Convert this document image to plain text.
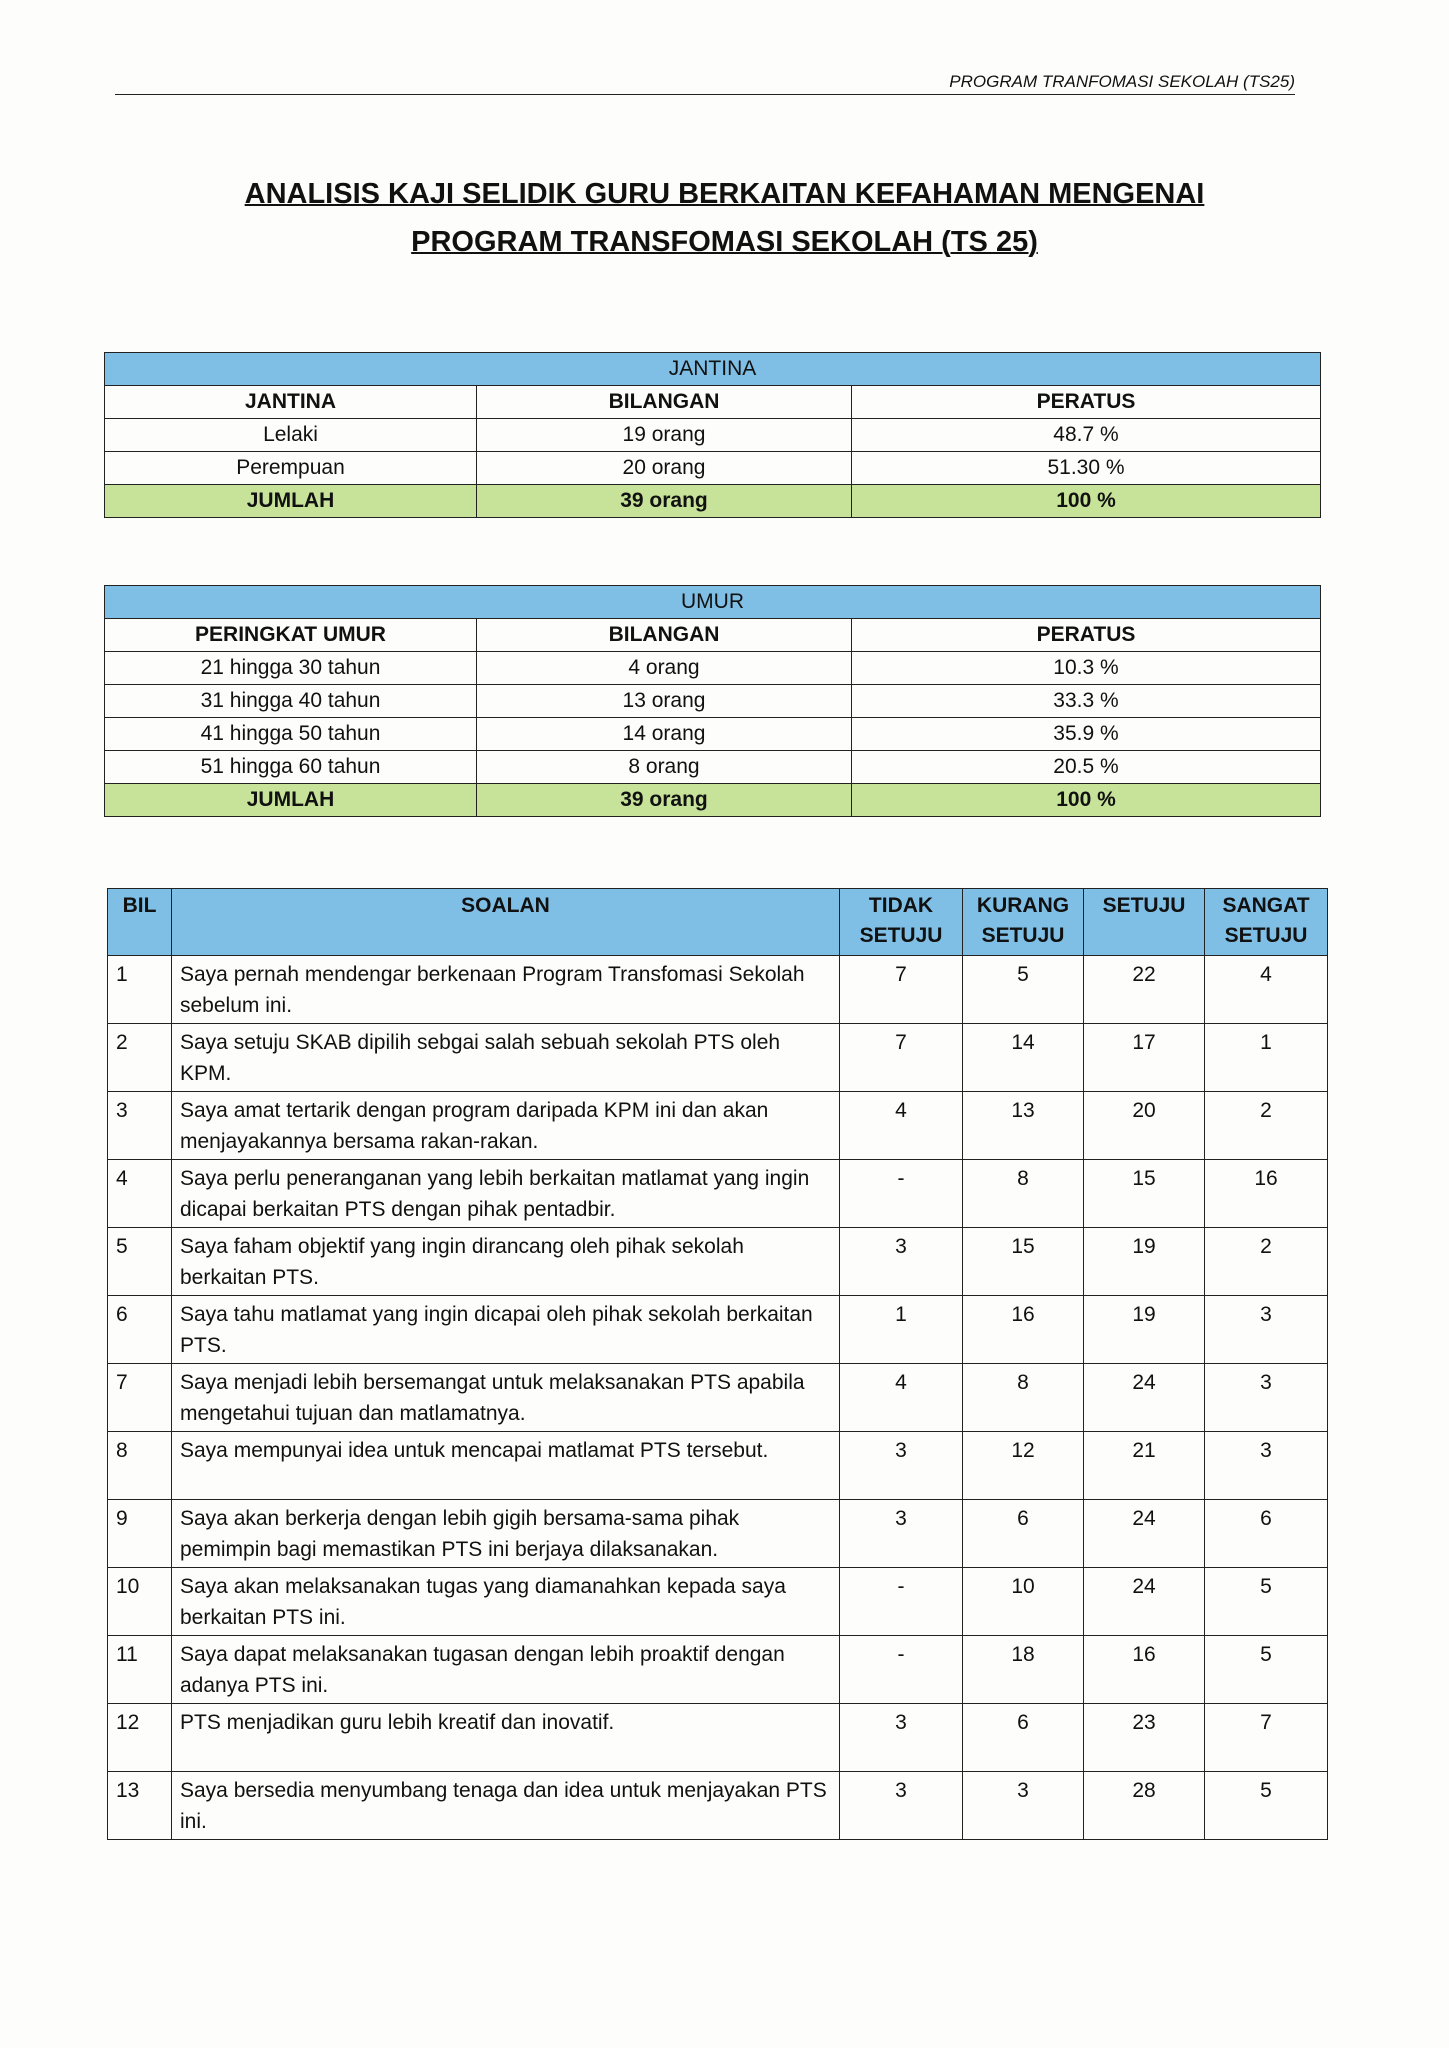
PROGRAM TRANFOMASI SEKOLAH (TS25)
ANALISIS KAJI SELIDIK GURU BERKAITAN KEFAHAMAN MENGENAI
PROGRAM TRANSFOMASI SEKOLAH (TS 25)
JANTINA		
JANTINA	BILANGAN	PERATUS
Lelaki	19 orang	48.7 %
Perempuan	20 orang	51.30 %
JUMLAH	39 orang	100 %
UMUR		
PERINGKAT UMUR	BILANGAN	PERATUS
21 hingga 30 tahun	4 orang	10.3 %
31 hingga 40 tahun	13 orang	33.3 %
41 hingga 50 tahun	14 orang	35.9 %
51 hingga 60 tahun	8 orang	20.5 %
JUMLAH	39 orang	100 %
BIL	SOALAN	TIDAK SETUJU	KURANG SETUJU	SETUJU	SANGAT SETUJU
1	Saya pernah mendengar berkenaan Program Transfomasi Sekolah sebelum ini.	7	5	22	4
2	Saya setuju SKAB dipilih sebgai salah sebuah sekolah PTS oleh KPM.	7	14	17	1
3	Saya amat tertarik dengan program daripada KPM ini dan akan menjayakannya bersama rakan-rakan.	4	13	20	2
4	Saya perlu peneranganan yang lebih berkaitan matlamat yang ingin dicapai berkaitan PTS dengan pihak pentadbir.	-	8	15	16
5	Saya faham objektif yang ingin dirancang oleh pihak sekolah berkaitan PTS.	3	15	19	2
6	Saya tahu matlamat yang ingin dicapai oleh pihak sekolah berkaitan PTS.	1	16	19	3
7	Saya menjadi lebih bersemangat untuk melaksanakan PTS apabila mengetahui tujuan dan matlamatnya.	4	8	24	3
8	Saya mempunyai idea untuk mencapai matlamat PTS tersebut.	3	12	21	3
9	Saya akan berkerja dengan lebih gigih bersama-sama pihak pemimpin bagi memastikan PTS ini berjaya dilaksanakan.	3	6	24	6
10	Saya akan melaksanakan tugas yang diamanahkan kepada saya berkaitan PTS ini.	-	10	24	5
11	Saya dapat melaksanakan tugasan dengan lebih proaktif dengan adanya PTS ini.	-	18	16	5
12	PTS menjadikan guru lebih kreatif dan inovatif.	3	6	23	7
13	Saya bersedia menyumbang tenaga dan idea untuk menjayakan PTS ini.	3	3	28	5
